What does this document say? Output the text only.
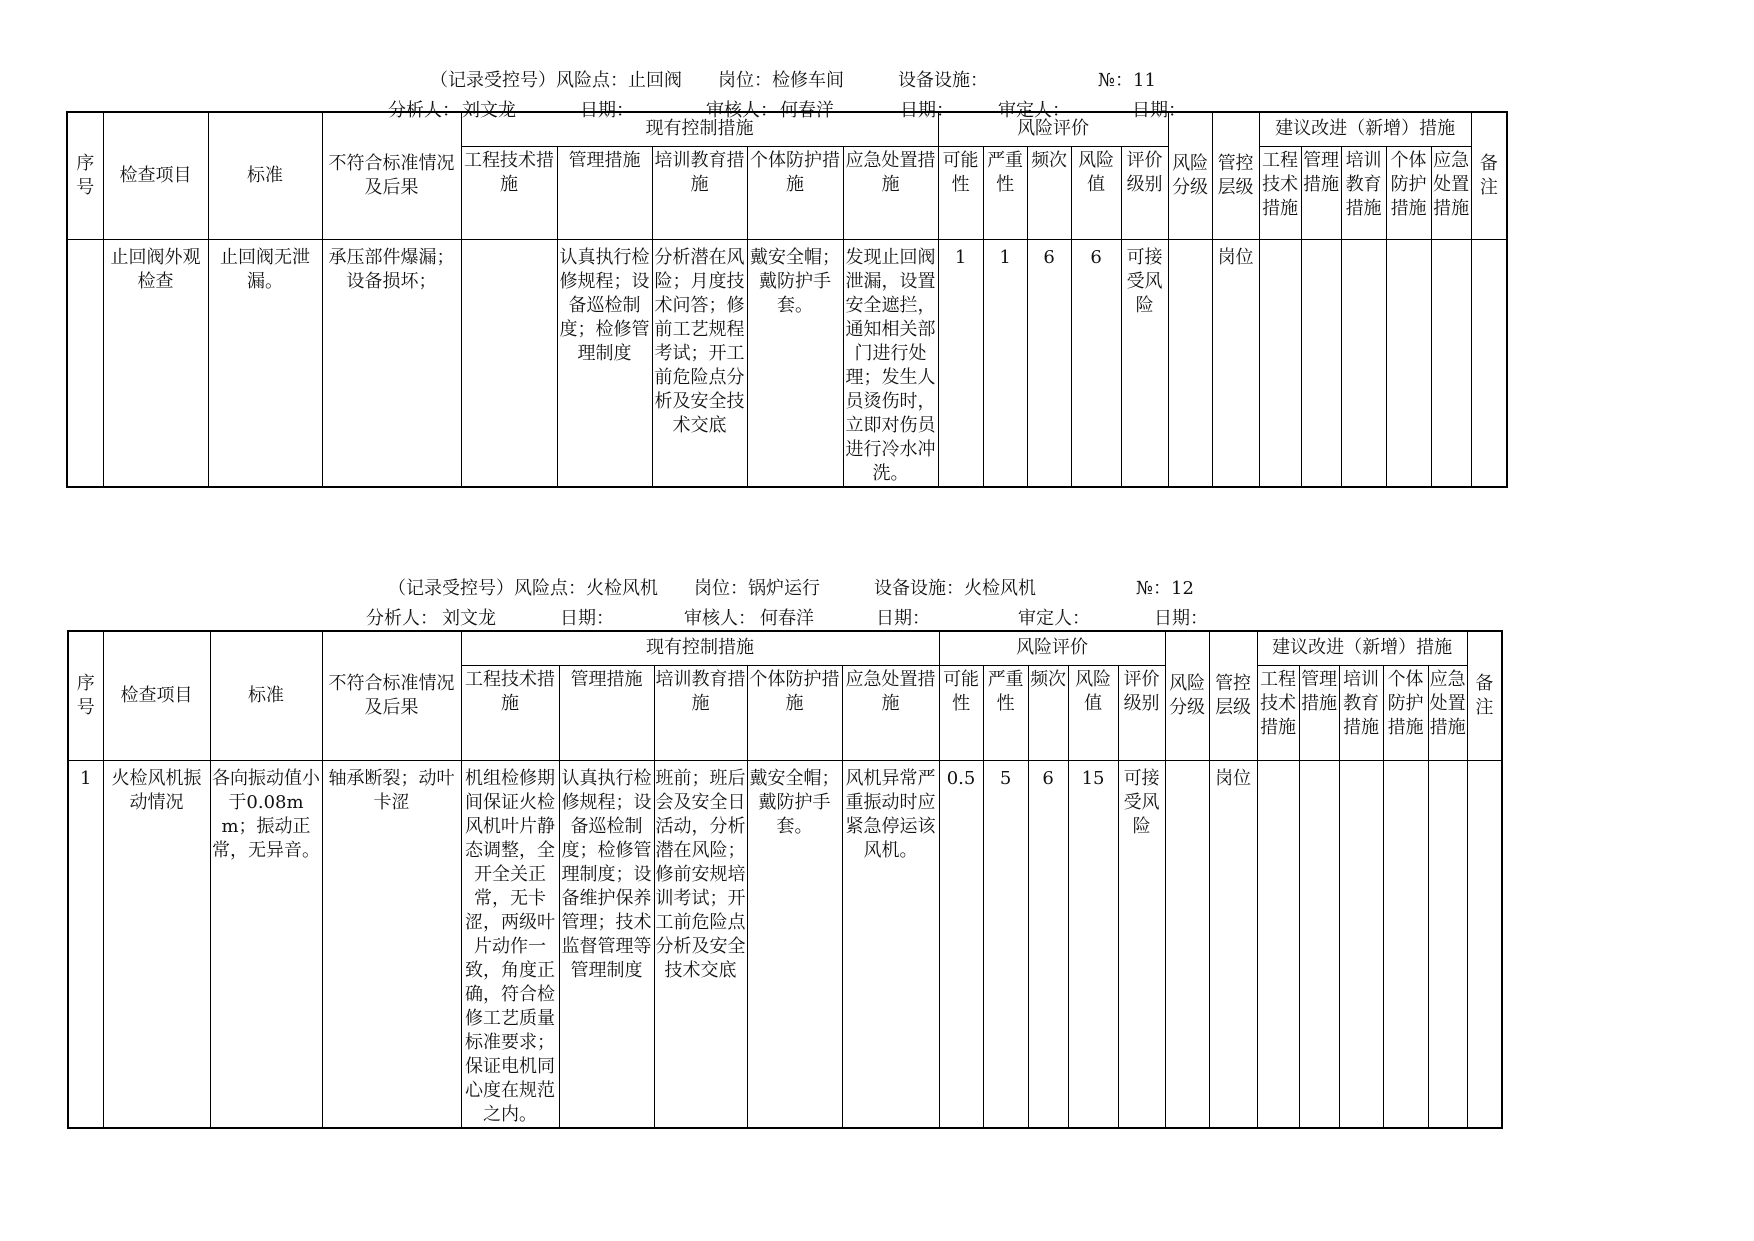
（记录受控号）风险点：止回阀　　岗位：检修车间　　　设备设施：	№：11
分析人： 刘文龙	日期：	审核人： 何春洋	日期： 审定人：	日期：
序号	检查项目	标准	不符合标准情况及后果	现有控制措施					风险评价					风险分级	管控层级	建议改进（新增）措施					备注
				工程技术措施	管理措施	培训教育措施	个体防护措施	应急处置措施	可能性	严重性	频次	风险值	评价级别			工程技术措施	管理措施	培训教育措施	个体防护措施	应急处置措施	
	止回阀外观检查	止回阀无泄漏。	承压部件爆漏；设备损坏；		认真执行检修规程；设备巡检制度；检修管理制度	分析潜在风险；月度技术问答；修前工艺规程考试；开工前危险点分析及安全技术交底	戴安全帽；戴防护手套。	发现止回阀泄漏，设置安全遮拦，通知相关部门进行处理；发生人员烫伤时，立即对伤员进行冷水冲洗。	1	1	6	6	可接受风险		岗位						
（记录受控号）风险点：火检风机　　岗位：锅炉运行　　　设备设施：火检风机	№：12
分析人： 刘文龙	日期：	审核人： 何春洋	日期：	审定人：	日期：
序号	检查项目	标准	不符合标准情况及后果	现有控制措施					风险评价					风险分级	管控层级	建议改进（新增）措施					备注
				工程技术措施	管理措施	培训教育措施	个体防护措施	应急处置措施	可能性	严重性	频次	风险值	评价级别			工程技术措施	管理措施	培训教育措施	个体防护措施	应急处置措施	
1	火检风机振动情况	各向振动值小于0.08mm；振动正常，无异音。	轴承断裂；动叶卡涩	机组检修期间保证火检风机叶片静态调整，全开全关正常，无卡涩，两级叶片动作一致，角度正确，符合检修工艺质量标准要求；保证电机同心度在规范之内。	认真执行检修规程；设备巡检制度；检修管理制度；设备维护保养管理；技术监督管理等管理制度	班前；班后会及安全日活动，分析潜在风险；修前安规培训考试；开工前危险点分析及安全技术交底	戴安全帽；戴防护手套。	风机异常严重振动时应紧急停运该风机。	0.5	5	6	15	可接受风险		岗位						
